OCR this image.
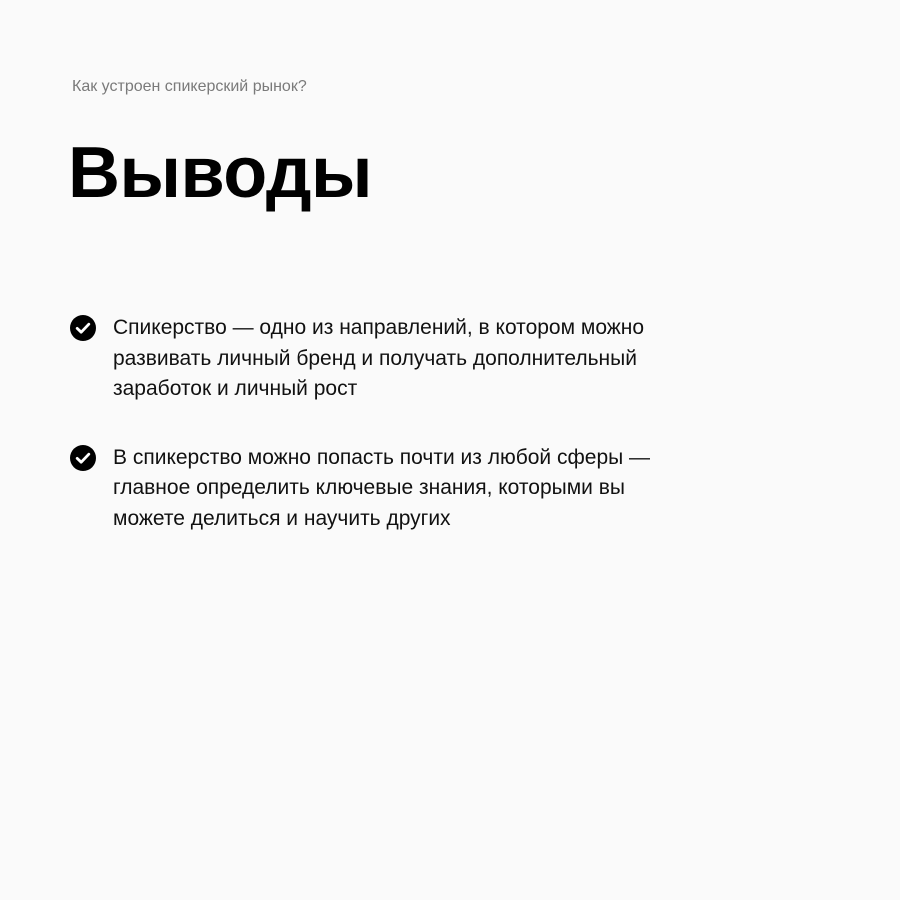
Как устроен спикерский рынок?
Выводы
Спикерство — одно из направлений, в котором можно
развивать личный бренд и получать дополнительный
заработок и личный рост
В спикерство можно попасть почти из любой сферы —
главное определить ключевые знания, которыми вы
можете делиться и научить других
